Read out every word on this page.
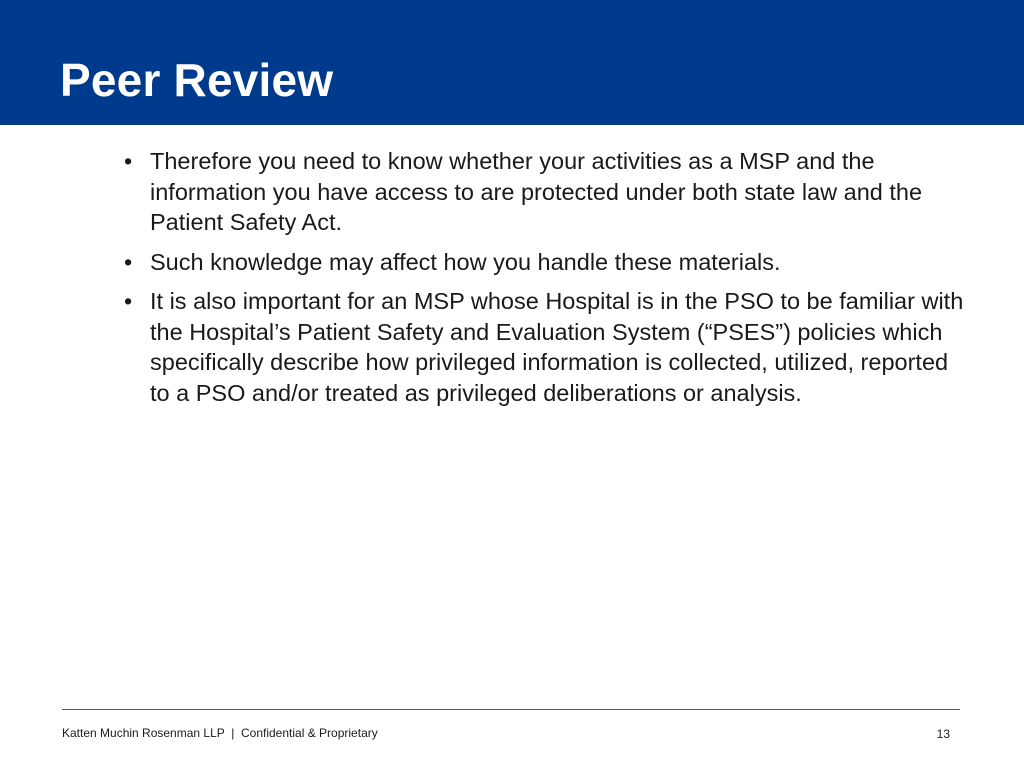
Peer Review
• Therefore you need to know whether your activities as a MSP and the information you have access to are protected under both state law and the Patient Safety Act.
• Such knowledge may affect how you handle these materials.
• It is also important for an MSP whose Hospital is in the PSO to be familiar with the Hospital’s Patient Safety and Evaluation System (“PSES”) policies which specifically describe how privileged information is collected, utilized, reported to a PSO and/or treated as privileged deliberations or analysis.
Katten Muchin Rosenman LLP  |  Confidential & Proprietary	13
